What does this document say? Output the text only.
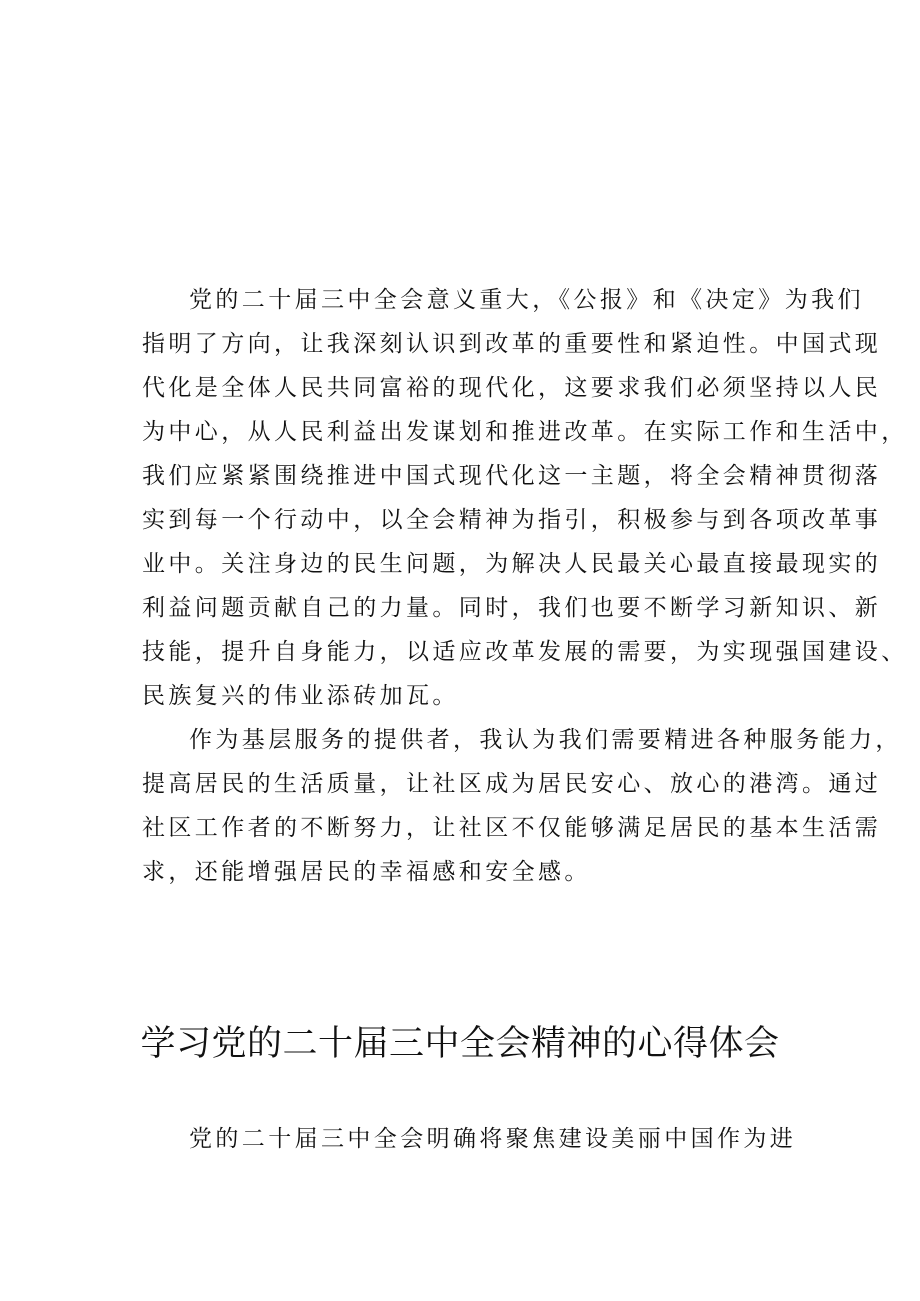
党的二十届三中全会意义重大，《公报》和《决定》为我们
指明了方向，让我深刻认识到改革的重要性和紧迫性。中国式现
代化是全体人民共同富裕的现代化，这要求我们必须坚持以人民
为中心，从人民利益出发谋划和推进改革。在实际工作和生活中，
我们应紧紧围绕推进中国式现代化这一主题，将全会精神贯彻落
实到每一个行动中，以全会精神为指引，积极参与到各项改革事
业中。关注身边的民生问题，为解决人民最关心最直接最现实的
利益问题贡献自己的力量。同时，我们也要不断学习新知识、新
技能，提升自身能力，以适应改革发展的需要，为实现强国建设、
民族复兴的伟业添砖加瓦。
作为基层服务的提供者，我认为我们需要精进各种服务能力，
提高居民的生活质量，让社区成为居民安心、放心的港湾。通过
社区工作者的不断努力，让社区不仅能够满足居民的基本生活需
求，还能增强居民的幸福感和安全感。
学习党的二十届三中全会精神的心得体会
党的二十届三中全会明确将聚焦建设美丽中国作为进
